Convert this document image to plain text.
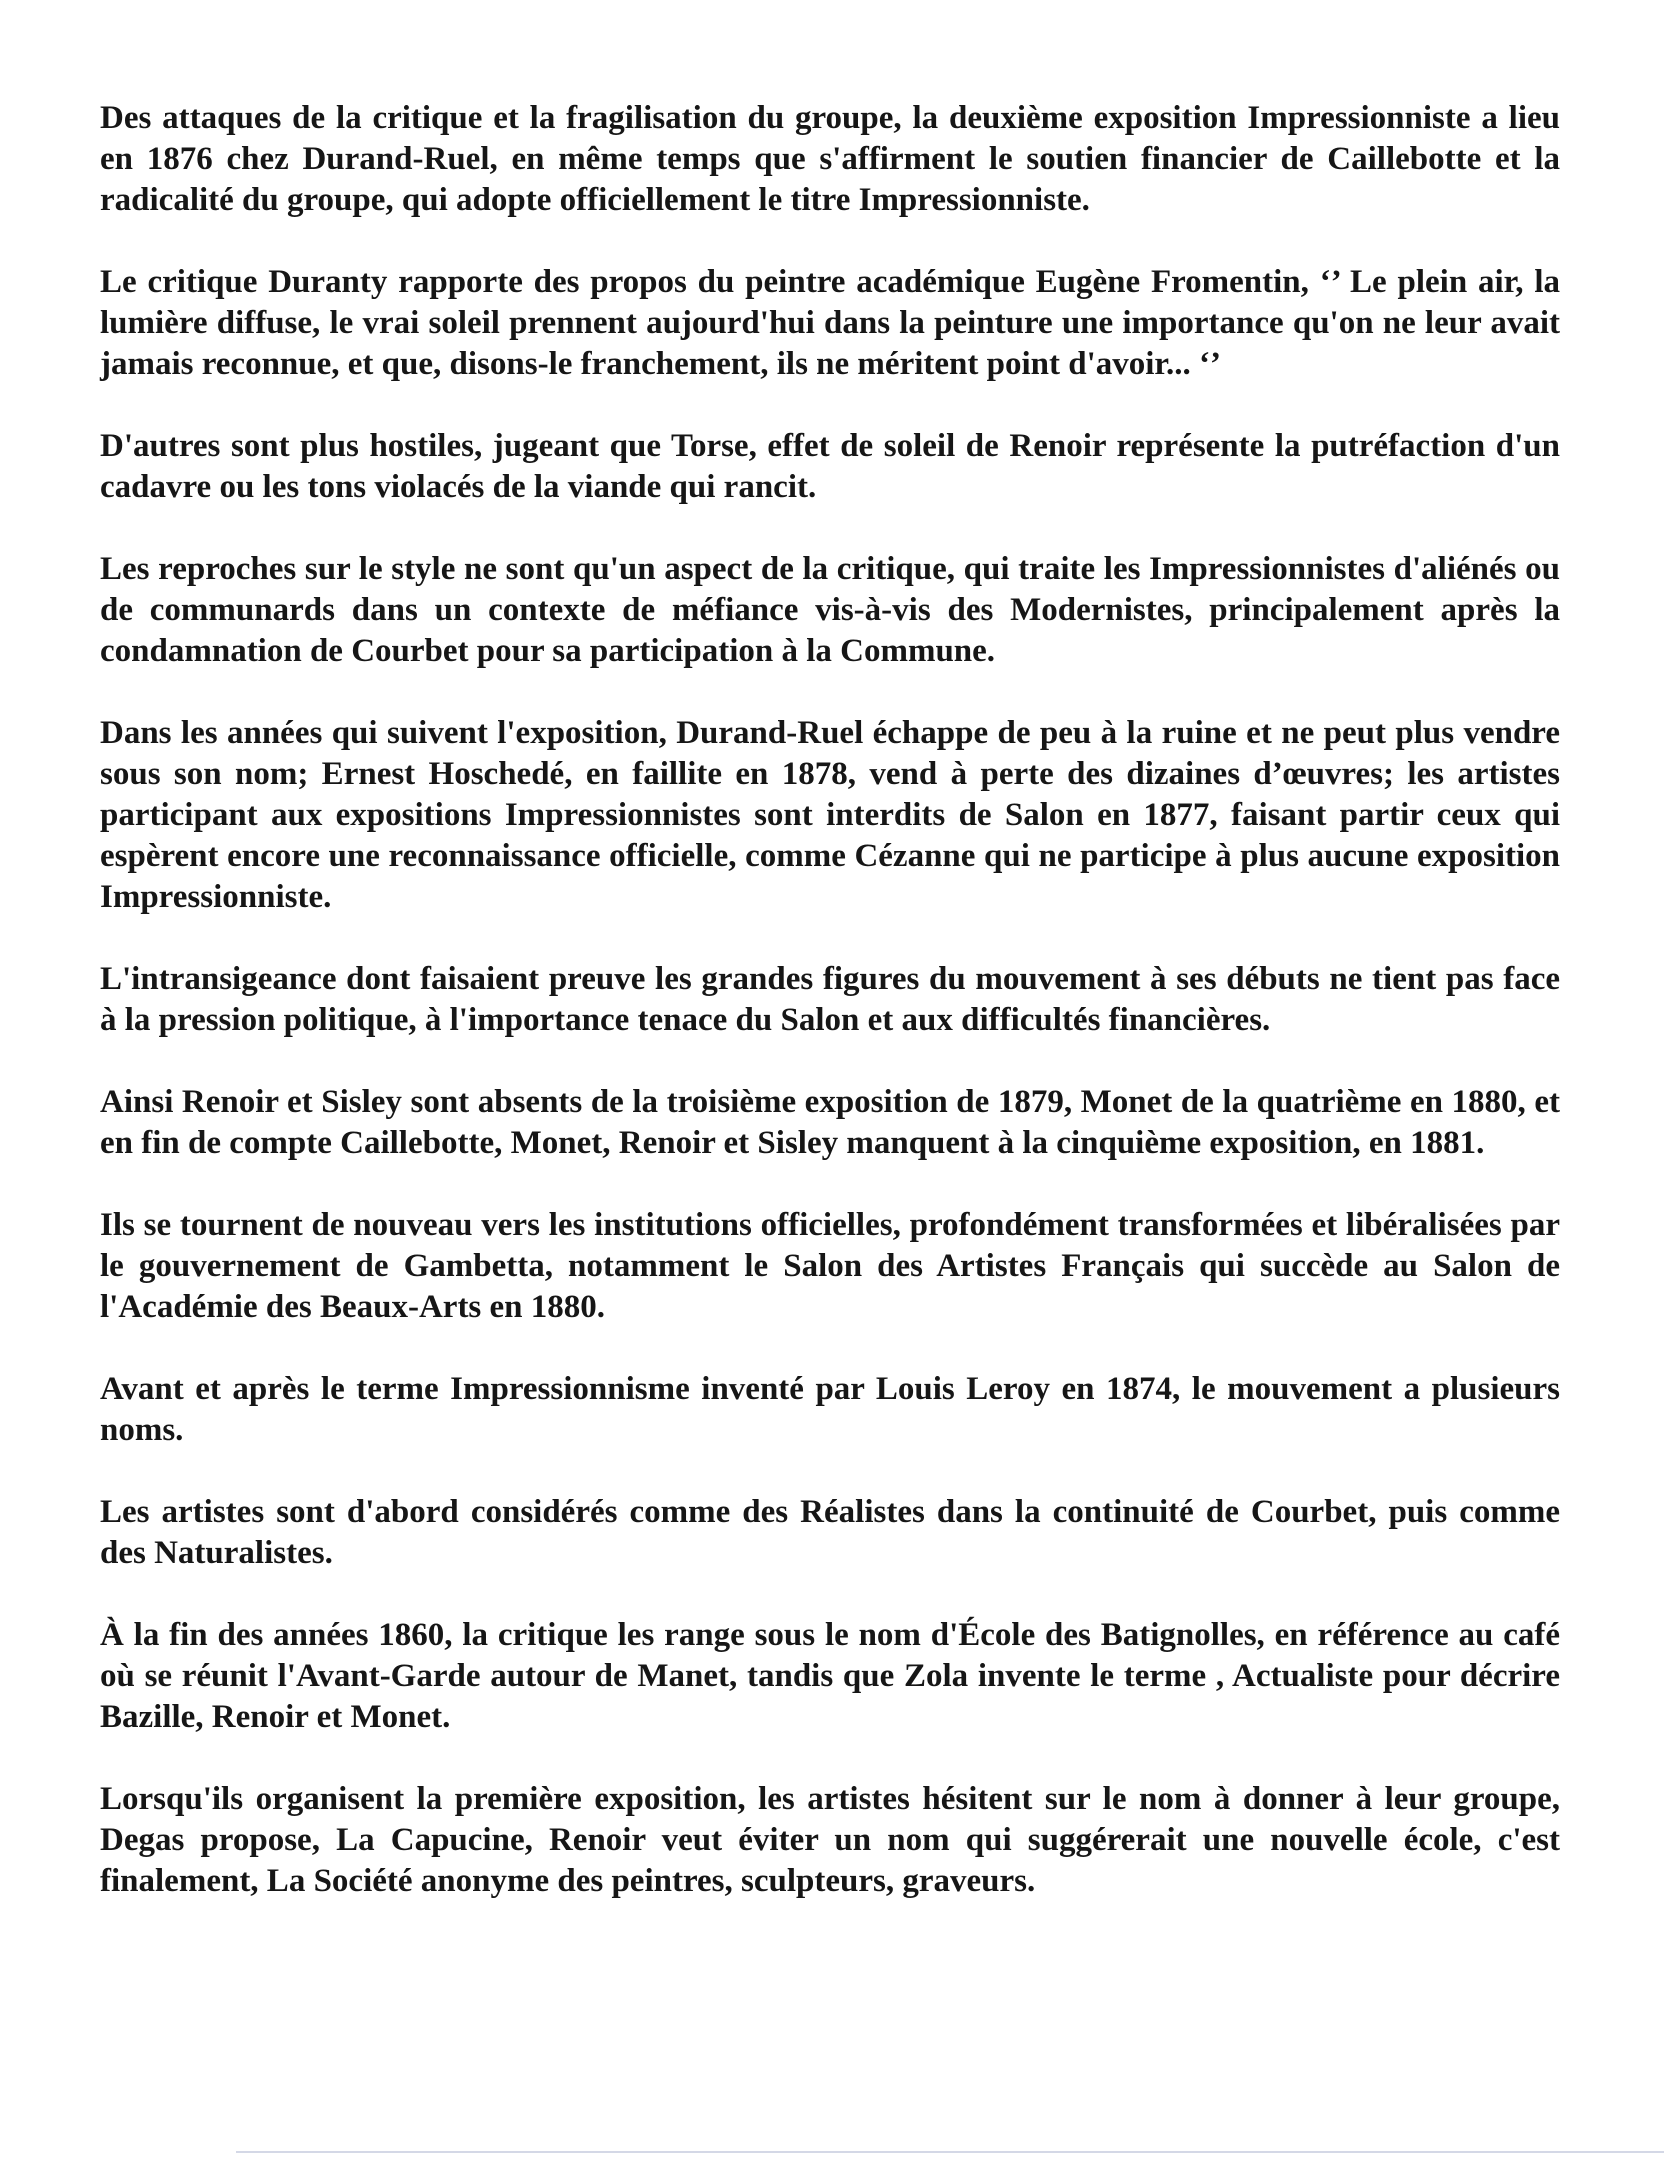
Des attaques de la critique et la fragilisation du groupe, la deuxième exposition Impressionniste a lieu en 1876 chez Durand-Ruel, en même temps que s'affirment le soutien financier de Caillebotte et la radicalité du groupe, qui adopte officiellement le titre Impressionniste.

Le critique Duranty rapporte des propos du peintre académique Eugène Fromentin, ‘’ Le plein air, la lumière diffuse, le vrai soleil prennent aujourd'hui dans la peinture une importance qu'on ne leur avait jamais reconnue, et que, disons-le franchement, ils ne méritent point d'avoir... ‘’

D'autres sont plus hostiles, jugeant que Torse, effet de soleil de Renoir représente la putréfaction d'un cadavre ou les tons violacés de la viande qui rancit.

Les reproches sur le style ne sont qu'un aspect de la critique, qui traite les Impressionnistes d'aliénés ou de communards dans un contexte de méfiance vis-à-vis des Modernistes, principalement après la condamnation de Courbet pour sa participation à la Commune.

Dans les années qui suivent l'exposition, Durand-Ruel échappe de peu à la ruine et ne peut plus vendre sous son nom; Ernest Hoschedé, en faillite en 1878, vend à perte des dizaines d’œuvres; les artistes participant aux expositions Impressionnistes sont interdits de Salon en 1877, faisant partir ceux qui espèrent encore une reconnaissance officielle, comme Cézanne qui ne participe à plus aucune exposition Impressionniste.

L'intransigeance dont faisaient preuve les grandes figures du mouvement à ses débuts ne tient pas face à la pression politique, à l'importance tenace du Salon et aux difficultés financières.

Ainsi Renoir et Sisley sont absents de la troisième exposition de 1879, Monet de la quatrième en 1880, et en fin de compte Caillebotte, Monet, Renoir et Sisley manquent à la cinquième exposition, en 1881.

Ils se tournent de nouveau vers les institutions officielles, profondément transformées et libéralisées par le gouvernement de Gambetta, notamment le Salon des Artistes Français qui succède au Salon de l'Académie des Beaux-Arts en 1880.

Avant et après le terme Impressionnisme inventé par Louis Leroy en 1874, le mouvement a plusieurs noms.

Les artistes sont d'abord considérés comme des Réalistes dans la continuité de Courbet, puis comme des Naturalistes.

À la fin des années 1860, la critique les range sous le nom d'École des Batignolles, en référence au café où se réunit l'Avant-Garde autour de Manet, tandis que Zola invente le terme , Actualiste pour décrire Bazille, Renoir et Monet.

Lorsqu'ils organisent la première exposition, les artistes hésitent sur le nom à donner à leur groupe, Degas propose, La Capucine, Renoir veut éviter un nom qui suggérerait une nouvelle école, c'est finalement, La Société anonyme des peintres, sculpteurs, graveurs.
